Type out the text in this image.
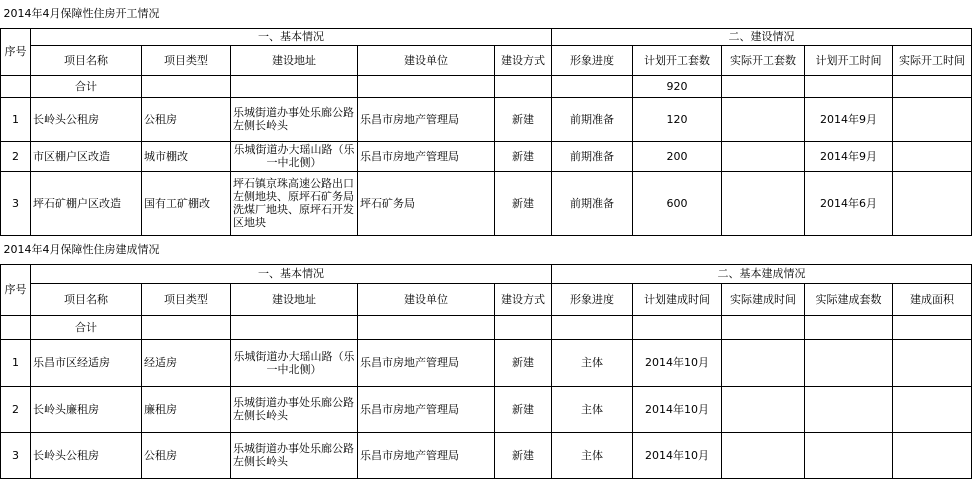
2014年4月保障性住房开工情况										
序号	一、基本情况					二、建设情况				
	项目名称	项目类型	建设地址	建设单位	建设方式	形象进度	计划开工套数	实际开工套数	计划开工时间	实际开工时间
	合计						920			
1	长岭头公租房	公租房	乐城街道办事处乐廊公路左侧长岭头	乐昌市房地产管理局	新建	前期准备	120		2014年9月	
2	市区棚户区改造	城市棚改	乐城街道办大瑶山路（乐一中北侧）	乐昌市房地产管理局	新建	前期准备	200		2014年9月	
3	坪石矿棚户区改造	国有工矿棚改	坪石镇京珠高速公路出口左侧地块、原坪石矿务局洗煤厂地块、原坪石开发区地块	坪石矿务局	新建	前期准备	600		2014年6月	
2014年4月保障性住房建成情况										
序号	一、基本情况					二、基本建成情况				
	项目名称	项目类型	建设地址	建设单位	建设方式	形象进度	计划建成时间	实际建成时间	实际建成套数	建成面积
	合计									
1	乐昌市区经适房	经适房	乐城街道办大瑶山路（乐一中北侧）	乐昌市房地产管理局	新建	主体	2014年10月			
2	长岭头廉租房	廉租房	乐城街道办事处乐廊公路左侧长岭头	乐昌市房地产管理局	新建	主体	2014年10月			
3	长岭头公租房	公租房	乐城街道办事处乐廊公路左侧长岭头	乐昌市房地产管理局	新建	主体	2014年10月			
